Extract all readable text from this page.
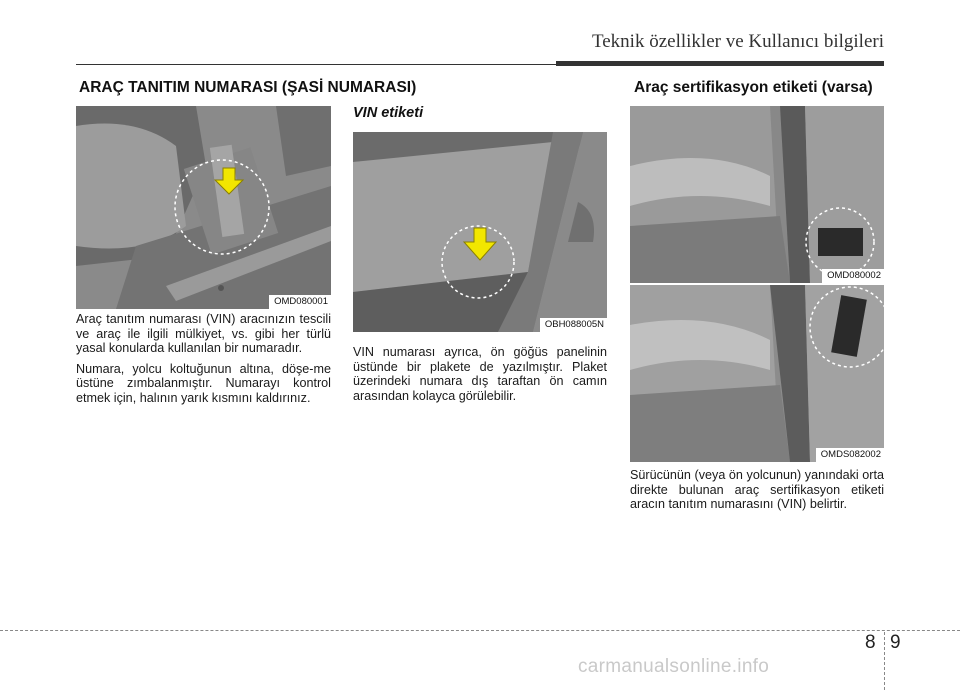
Teknik özellikler ve Kullanıcı bilgileri
ARAÇ TANITIM NUMARASI (ŞASİ NUMARASI)
OMD080001

Araç tanıtım numarası (VIN) aracınızın tescili ve araç ile ilgili mülkiyet, vs. gibi her türlü yasal konularda kullanılan bir numaradır.

Numara, yolcu koltuğunun altına, döşe-me üstüne zımbalanmıştır. Numarayı kontrol etmek için, halının yarık kısmını kaldırınız.

VIN etiketi
OBH088005N

VIN numarası ayrıca, ön göğüs panelinin üstünde bir plakete de yazılmıştır. Plaket üzerindeki numara dış taraftan ön camın arasından kolayca görülebilir.

Araç sertifikasyon etiketi (varsa)
OMD080002
OMDS082002

Sürücünün (veya ön yolcunun) yanındaki orta direkte bulunan araç sertifikasyon etiketi aracın tanıtım numarasını (VIN) belirtir.

8 9
carmanualsonline.info
